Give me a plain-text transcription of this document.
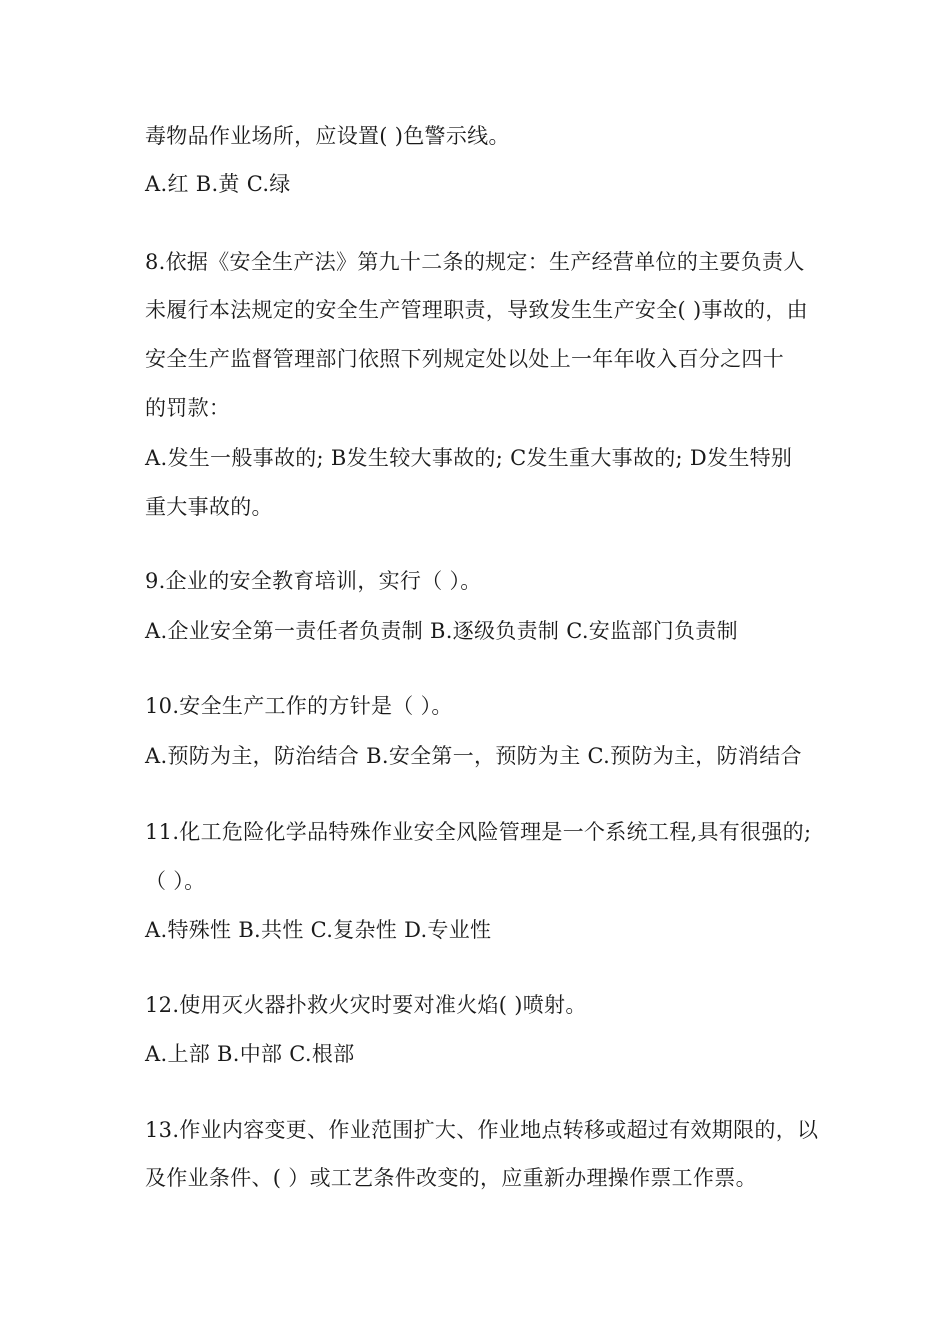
毒物品作业场所，应设置( )色警示线。
A.红 B.黄 C.绿
8.依据《安全生产法》第九十二条的规定：生产经营单位的主要负责人
未履行本法规定的安全生产管理职责，导致发生生产安全( )事故的，由
安全生产监督管理部门依照下列规定处以处上一年年收入百分之四十
的罚款：
A.发生一般事故的; B发生较大事故的; C发生重大事故的; D发生特别
重大事故的。
9.企业的安全教育培训，实行（ ）。
A.企业安全第一责任者负责制 B.逐级负责制 C.安监部门负责制
10.安全生产工作的方针是（ ）。
A.预防为主，防治结合 B.安全第一，预防为主 C.预防为主，防消结合
11.化工危险化学品特殊作业安全风险管理是一个系统工程,具有很强的;
（ ）。
A.特殊性 B.共性 C.复杂性 D.专业性
12.使用灭火器扑救火灾时要对准火焰( )喷射。
A.上部 B.中部 C.根部
13.作业内容变更、作业范围扩大、作业地点转移或超过有效期限的，以
及作业条件、( ）或工艺条件改变的，应重新办理操作票工作票。
